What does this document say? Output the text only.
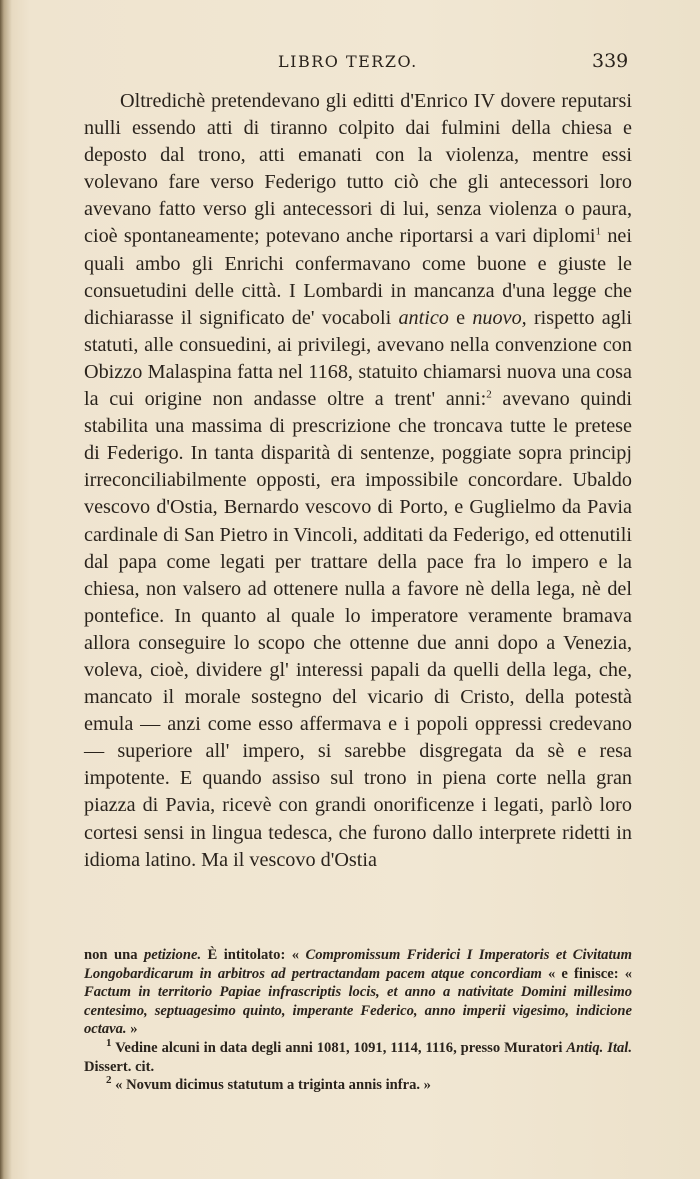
LIBRO TERZO.	339

Oltredichè pretendevano gli editti d'Enrico IV dovere reputarsi nulli essendo atti di tiranno colpito dai fulmini della chiesa e deposto dal trono, atti emanati con la violenza, mentre essi volevano fare verso Federigo tutto ciò che gli antecessori loro avevano fatto verso gli antecessori di lui, senza violenza o paura, cioè spontaneamente; potevano anche riportarsi a vari diplomi$^1$ nei quali ambo gli Enrichi confermavano come buone e giuste le consuetudini delle città. I Lombardi in mancanza d'una legge che dichiarasse il significato de' vocaboli antico e nuovo, rispetto agli statuti, alle consuedini, ai privilegi, avevano nella convenzione con Obizzo Malaspina fatta nel 1168, statuito chiamarsi nuova una cosa la cui origine non andasse oltre a trent' anni:$^2$ avevano quindi stabilita una massima di prescrizione che troncava tutte le pretese di Federigo. In tanta disparità di sentenze, poggiate sopra principj irreconciliabilmente opposti, era impossibile concordare. Ubaldo vescovo d'Ostia, Bernardo vescovo di Porto, e Guglielmo da Pavia cardinale di San Pietro in Vincoli, additati da Federigo, ed ottenutili dal papa come legati per trattare della pace fra lo impero e la chiesa, non valsero ad ottenere nulla a favore nè della lega, nè del pontefice. In quanto al quale lo imperatore veramente bramava allora conseguire lo scopo che ottenne due anni dopo a Venezia, voleva, cioè, dividere gl' interessi papali da quelli della lega, che, mancato il morale sostegno del vicario di Cristo, della potestà emula — anzi come esso affermava e i popoli oppressi credevano — superiore all' impero, si sarebbe disgregata da sè e resa impotente. E quando assiso sul trono in piena corte nella gran piazza di Pavia, ricevè con grandi onorificenze i legati, parlò loro cortesi sensi in lingua tedesca, che furono dallo interprete ridetti in idioma latino. Ma il vescovo d'Ostia

non una petizione. È intitolato: « Compromissum Friderici I Imperatoris et Civitatum Longobardicarum in arbitros ad pertractandam pacem atque concordiam « e finisce: « Factum in territorio Papiae infrascriptis locis, et anno a nativitate Domini millesimo centesimo, septuagesimo quinto, imperante Federico, anno imperii vigesimo, indicione octava. »

$^1$ Vedine alcuni in data degli anni 1081, 1091, 1114, 1116, presso Muratori Antiq. Ital. Dissert. cit.

$^2$ « Novum dicimus statutum a triginta annis infra. »
